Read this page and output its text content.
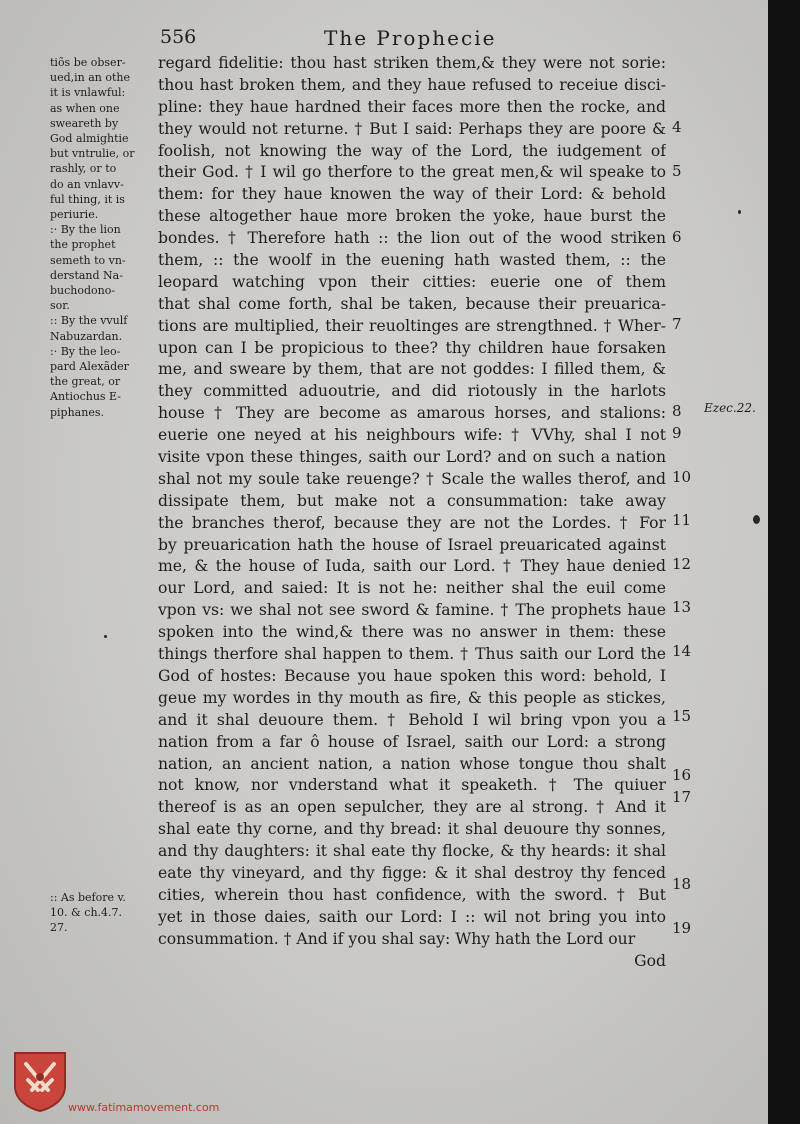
556	The Prophecie
tiõs be obser-
ued,in an othe
it is vnlawful:
as when one
sweareth by
God almightie
but vntrulie, or
rashly, or to
do an vnlavv-
ful thing, it is
periurie.
:· By the lion
the prophet
semeth to vn-
derstand Na-
buchodono-
sor.
:: By the vvulf
Nabuzardan.
:· By the leo-
pard Alexãder
the great, or
Antiochus E-
piphanes.
:: As before v.
10. & ch.4.7.
27.
regard fidelitie: thou hast striken them,& they were not sorie:
thou hast broken them, and they haue refused to receiue disci-
pline: they haue hardned their faces more then the rocke, and
they would not returne. † But I said: Perhaps they are poore &
foolish, not knowing the way of the Lord, the iudgement of
their God. † I wil go therfore to the great men,& wil speake to
them: for they haue knowen the way of their Lord: & behold
these altogether haue more broken the yoke, haue burst the
bondes. † Therefore hath :: the lion out of the wood striken
them, :: the woolf in the euening hath wasted them, :: the
leopard watching vpon their citties: euerie one of them
that shal come forth, shal be taken, because their preuarica-
tions are multiplied, their reuoltinges are strengthned. † Wher-
upon can I be propicious to thee? thy children haue forsaken
me, and sweare by them, that are not goddes: I filled them, &
they committed aduoutrie, and did riotously in the harlots
house † They are become as amarous horses, and stalions:
euerie one neyed at his neighbours wife: † VVhy, shal I not
visite vpon these thinges, saith our Lord? and on such a nation
shal not my soule take reuenge? † Scale the walles therof, and
dissipate them, but make not a consummation: take away
the branches therof, because they are not the Lordes. † For
by preuarication hath the house of Israel preuaricated against
me, & the house of Iuda, saith our Lord. † They haue denied
our Lord, and saied: It is not he: neither shal the euil come
vpon vs: we shal not see sword & famine. † The prophets haue
spoken into the wind,& there was no answer in them: these
things therfore shal happen to them. † Thus saith our Lord the
God of hostes: Because you haue spoken this word: behold, I
geue my wordes in thy mouth as fire, & this people as stickes,
and it shal deuoure them. † Behold I wil bring vpon you a
nation from a far ô house of Israel, saith our Lord: a strong
nation, an ancient nation, a nation whose tongue thou shalt
not know, nor vnderstand what it speaketh. † The quiuer
thereof is as an open sepulcher, they are al strong. † And it
shal eate thy corne, and thy bread: it shal deuoure thy sonnes,
and thy daughters: it shal eate thy flocke, & thy heards: it shal
eate thy vineyard, and thy figge: & it shal destroy thy fenced
cities, wherein thou hast confidence, with the sword. † But
yet in those daies, saith our Lord: I :: wil not bring you into
consummation. † And if you shal say: Why hath the Lord our
God
4
5
6
7
8
9
10
11
12
13
14
15
16
17
18
19
Ezec.22.
www.fatimamovement.com
